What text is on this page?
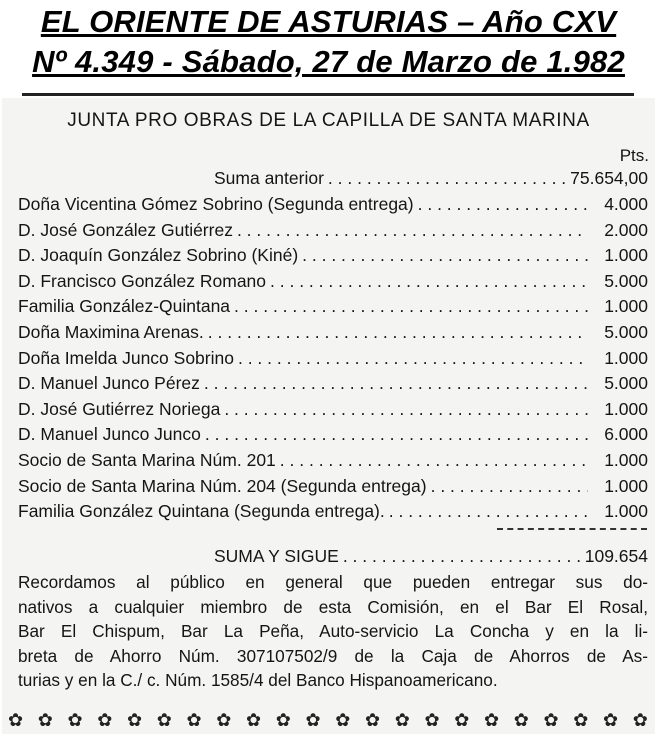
EL ORIENTE DE ASTURIAS – Año CXV
Nº 4.349 - Sábado, 27 de Marzo de 1.982
JUNTA PRO OBRAS DE LA CAPILLA DE SANTA MARINA
Pts.
Suma anterior . . .	75.654,00
Doña Vicentina Gómez Sobrino (Segunda entrega) . . .	4.000
D. José González Gutiérrez . . .	2.000
D. Joaquín González Sobrino (Kiné) . . .	1.000
D. Francisco González Romano . . .	5.000
Familia González-Quintana . . .	1.000
Doña Maximina Arenas. . . .	5.000
Doña Imelda Junco Sobrino . . .	1.000
D. Manuel Junco Pérez . . .	5.000
D. José Gutiérrez Noriega . . .	1.000
D. Manuel Junco Junco . . .	6.000
Socio de Santa Marina Núm. 201 . . .	1.000
Socio de Santa Marina Núm. 204 (Segunda entrega) . . .	1.000
Familia González Quintana (Segunda entrega). . . .	1.000
SUMA Y SIGUE . . .	109.654
Recordamos al público en general que pueden entregar sus do-
nativos a cualquier miembro de esta Comisión, en el Bar El Rosal,
Bar El Chispum, Bar La Peña, Auto-servicio La Concha y en la li-
breta de Ahorro Núm. 307107502/9 de la Caja de Ahorros de As-
turias y en la C./ c. Núm. 1585/4 del Banco Hispanoamericano.
✿ ✿ ✿ ✿ ✿ ✿ ✿ ✿ ✿ ✿ ✿ ✿ ✿ ✿ ✿ ✿ ✿ ✿ ✿ ✿ ✿ ✿
